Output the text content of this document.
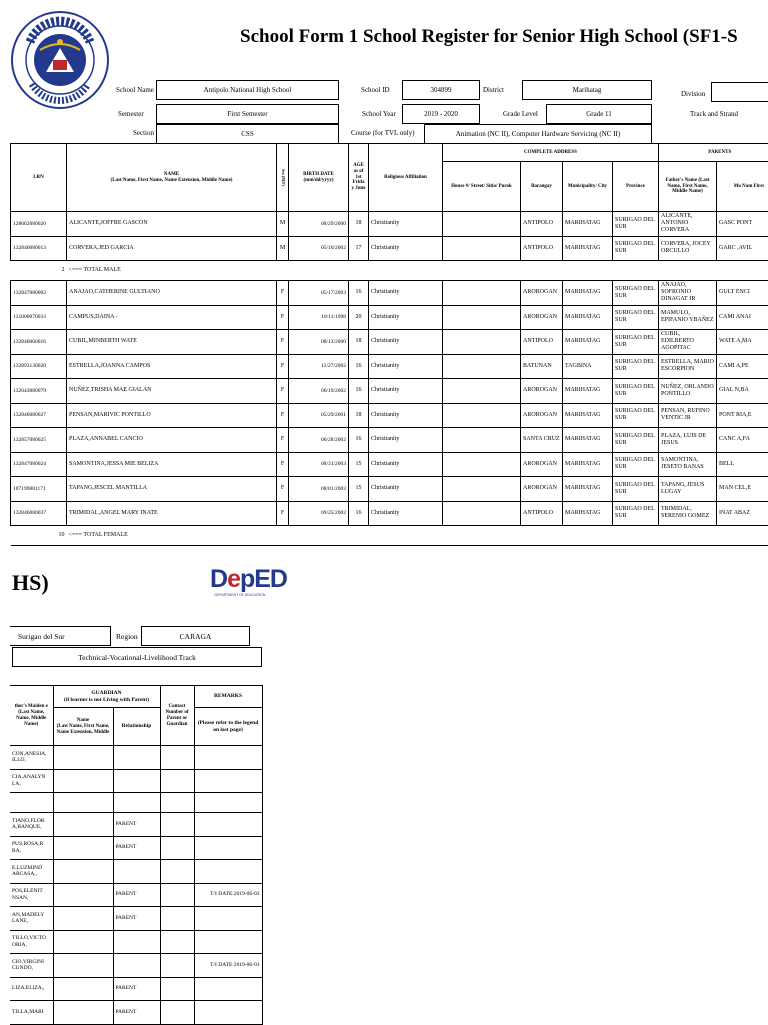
School Form 1 School Register for Senior High School (SF1-S
School Name	Antipolo National High School	School ID	304899	District	Marihatag	Division
Semester	First Semester	School Year	2019 - 2020	Grade Level	Grade 11	Track and Strand
Section	CSS	Course (for TVL only)	Animation (NC II), Computer Hardware Servicing (NC II)
LRN	NAME
(Last Name, First Name, Name Extension, Middle Name)	Sex (M/F)	BIRTH DATE (mm/dd/yyyy)	AGE as of 1st Frida y June	Religious Affiliation	COMPLETE ADDRESS				PARENTS	
						House #/ Street/ Sitio/ Purok	Barangay	Municipality/ City	Province	Father's Name (Last Name, First Name, Middle Name)	Mo Nam First
128662080020	ALICANTE,JOFFRE GASCON	M	08/29/2000	18	Christianity		ANTIPOLO	MARIHATAG	SURIGAO DEL SUR	ALICANTE, ANTONIO CORVERA	GASC PONT
132846080013	CORVERA,JED GARCIA	M	05/10/2002	17	Christianity		ANTIPOLO	MARIHATAG	SURIGAO DEL SUR	CORVERA, JOCEY ORCULLO	GARC ,AVIL
2	<=== TOTAL MALE										
132847080002	ANAJAO,CATHERINE GULTIANO	F	05/17/2003	16	Christianity		AROROGAN	MARIHATAG	SURIGAO DEL SUR	ANAJAO, SOFRONIO DINAGAT JR	GULT ENCI
131000070033	CAMPUS,DAINA -	F	10/11/1998	20	Christianity		AROROGAN	MARIHATAG	SURIGAO DEL SUR	MAMULO, EPIFANIO YBAÑEZ	CAMI ANAI
132846060016	CUBIL,MINBERTH WATE	F	08/13/2000	18	Christianity		ANTIPOLO	MARIHATAG	SURIGAO DEL SUR	CUBIL, EDILBERTO AGOPITAC	WATE A,MA
132893130020	ESTRELLA,JOANNA CAMPOS	F	11/27/2002	16	Christianity		BATUNAN	TAGBINA	SURIGAO DEL SUR	ESTRELLA, MARIO ESCORPION	CAMI A,PE
132643080079	NUÑEZ,TRISHA MAE GIALAN	F	06/19/2002	16	Christianity		AROROGAN	MARIHATAG	SURIGAO DEL SUR	NUÑEZ, ORLANDO PONTILLO	GIAL N,BA
132846080027	PENSAN,MARIVIC PONTILLO	F	05/29/2001	18	Christianity		AROROGAN	MARIHATAG	SURIGAO DEL SUR	PENSAN, RUFINO VENTIC JR	PONT RIA,E
132857080025	PLAZA,ANNABEL CANCIO	F	06/28/2002	16	Christianity		SANTA CRUZ	MARIHATAG	SURIGAO DEL SUR	PLAZA, LUIS DE JESUS	CANC A,FA
132847080024	SAMONTINA,JESSA MIE BELIZA	F	08/31/2003	15	Christianity		AROROGAN	MARIHATAG	SURIGAO DEL SUR	SAMONTINA, JESETO BANAS	BELL
107199081171	TAPANG,JESCEL MANTILLA	F	08/01/2003	15	Christianity		AROROGAN	MARIHATAG	SURIGAO DEL SUR	TAPANG, JESUS LUGAY	MAN CEL,E
132846080037	TRIMIDAL,ANGEL MARY INATE	F	09/25/2002	16	Christianity		ANTIPOLO	MARIHATAG	SURIGAO DEL SUR	TRIMIDAL, SERENIO GOMEZ	INAT ABAZ
10	<=== TOTAL FEMALE										
HS)	DepED
DEPARTMENT OF EDUCATION
Surigao del Sur	Region	CARAGA
Technical-Vocational-Livelihood Track
ther's Maiden e (Last Name, Name, Middle Name)	GUARDIAN
(if learner is not Living with Parent)		Contact Number of Parent or Guardian	REMARKS
	Name
(Last Name, First Name, Name Extension, Middle	Relationship		(Please refer to the legend on last page)
CON,ANESIA, ILLO,				
CIA,ANALYN LA,				

TIANO,FLOR A,BANQUE,		PARENT		
PUS,ROSA,R RA,		PARENT		
E,LUZMIND ARCASA,,				
POS,ELENIT NSAN,		PARENT		T/I DATE:2019-06-03
AN,MADELY LANE,		PARENT		
TILLO,VICTO ORIA,				
CIO,VIRGINI CUNDO,				T/I DATE:2019-06-03
LIZA,ELIZA,,		PARENT		
TILLA,MARI		PARENT		
